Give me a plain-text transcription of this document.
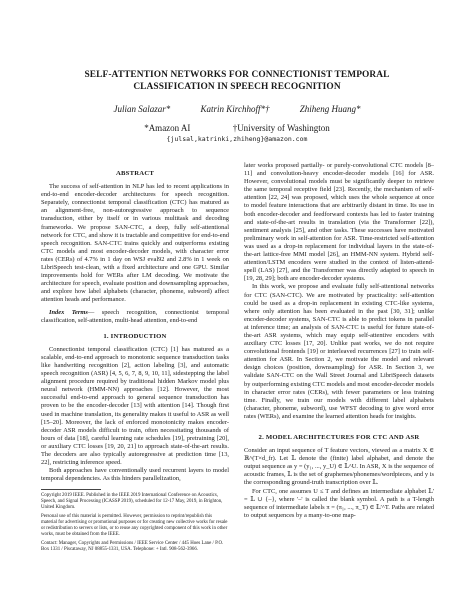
SELF-ATTENTION NETWORKS FOR CONNECTIONIST TEMPORAL
CLASSIFICATION IN SPEECH RECOGNITION
Julian Salazar*	Katrin Kirchhoff*†	Zhiheng Huang*
*Amazon AI	†University of Washington
{julsal,katrinki,zhiheng}@amazon.com
ABSTRACT

The success of self-attention in NLP has led to recent applications in end-to-end encoder-decoder architectures for speech recognition. Separately, connectionist temporal classification (CTC) has matured as an alignment-free, non-autoregressive approach to sequence transduction, either by itself or in various multitask and decoding frameworks. We propose SAN-CTC, a deep, fully self-attentional network for CTC, and show it is tractable and competitive for end-to-end speech recognition. SAN-CTC trains quickly and outperforms existing CTC models and most encoder-decoder models, with character error rates (CERs) of 4.7% in 1 day on WSJ eval92 and 2.8% in 1 week on LibriSpeech test-clean, with a fixed architecture and one GPU. Similar improvements hold for WERs after LM decoding. We motivate the architecture for speech, evaluate position and downsampling approaches, and explore how label alphabets (character, phoneme, subword) affect attention heads and performance.

Index Terms— speech recognition, connectionist temporal classification, self-attention, multi-head attention, end-to-end

1. INTRODUCTION

Connectionist temporal classification (CTC) [1] has matured as a scalable, end-to-end approach to monotonic sequence transduction tasks like handwriting recognition [2], action labeling [3], and automatic speech recognition (ASR) [4, 5, 6, 7, 8, 9, 10, 11], sidestepping the label alignment procedure required by traditional hidden Markov model plus neural network (HMM-NN) approaches [12]. However, the most successful end-to-end approach to general sequence transduction has proven to be the encoder-decoder [13] with attention [14]. Though first used in machine translation, its generality makes it useful to ASR as well [15–20]. Moreover, the lack of enforced monotonicity makes encoder-decoder ASR models difficult to train, often necessitating thousands of hours of data [18], careful learning rate schedules [19], pretraining [20], or auxiliary CTC losses [19, 20, 21] to approach state-of-the-art results. The decoders are also typically autoregressive at prediction time [13, 22], restricting inference speed.

Both approaches have conventionally used recurrent layers to model temporal dependencies. As this hinders parallelization,

Copyright 2019 IEEE. Published in the IEEE 2019 International Conference on Acoustics, Speech, and Signal Processing (ICASSP 2019), scheduled for 12-17 May, 2019, in Brighton, United Kingdom.

Personal use of this material is permitted. However, permission to reprint/republish this material for advertising or promotional purposes or for creating new collective works for resale or redistribution to servers or lists, or to reuse any copyrighted component of this work in other works, must be obtained from the IEEE.

Contact: Manager, Copyrights and Permissions / IEEE Service Center / 445 Hoes Lane / P.O. Box 1331 / Piscataway, NJ 08855-1331, USA. Telephone: + Intl. 908-562-3966.

later works proposed partially- or purely-convolutional CTC models [8–11] and convolution-heavy encoder-decoder models [16] for ASR. However, convolutional models must be significantly deeper to retrieve the same temporal receptive field [23]. Recently, the mechanism of self-attention [22, 24] was proposed, which uses the whole sequence at once to model feature interactions that are arbitrarily distant in time. Its use in both encoder-decoder and feedforward contexts has led to faster training and state-of-the-art results in translation (via the Transformer [22]), sentiment analysis [25], and other tasks. These successes have motivated preliminary work in self-attention for ASR. Time-restricted self-attention was used as a drop-in replacement for individual layers in the state-of-the-art lattice-free MMI model [26], an HMM-NN system. Hybrid self-attention/LSTM encoders were studied in the context of listen-attend-spell (LAS) [27], and the Transformer was directly adapted to speech in [19, 28, 29]; both are encoder-decoder systems.

In this work, we propose and evaluate fully self-attentional networks for CTC (SAN-CTC). We are motivated by practicality: self-attention could be used as a drop-in replacement in existing CTC-like systems, where only attention has been evaluated in the past [30, 31]; unlike encoder-decoder systems, SAN-CTC is able to predict tokens in parallel at inference time; an analysis of SAN-CTC is useful for future state-of-the-art ASR systems, which may equip self-attentive encoders with auxiliary CTC losses [17, 20]. Unlike past works, we do not require convolutional frontends [19] or interleaved recurrences [27] to train self-attention for ASR. In Section 2, we motivate the model and relevant design choices (position, downsampling) for ASR. In Section 3, we validate SAN-CTC on the Wall Street Journal and LibriSpeech datasets by outperforming existing CTC models and most encoder-decoder models in character error rates (CERs), with fewer parameters or less training time. Finally, we train our models with different label alphabets (character, phoneme, subword), use WFST decoding to give word error rates (WERs), and examine the learned attention heads for insights.

2. MODEL ARCHITECTURES FOR CTC AND ASR

Consider an input sequence of T feature vectors, viewed as a matrix X ∈ ℝ^(T×d_fr). Let 𝕃 denote the (finite) label alphabet, and denote the output sequence as y = (y₁, ..., y_U) ∈ 𝕃^U. In ASR, X is the sequence of acoustic frames, 𝕃 is the set of graphemes/phonemes/wordpieces, and y is the corresponding ground-truth transcription over 𝕃.

For CTC, one assumes U ≤ T and defines an intermediate alphabet 𝕃′ = 𝕃 ∪ {–}, where '–' is called the blank symbol. A path is a T-length sequence of intermediate labels π = (π₁, ..., π_T) ∈ 𝕃′^T. Paths are related to output sequences by a many-to-one map-
